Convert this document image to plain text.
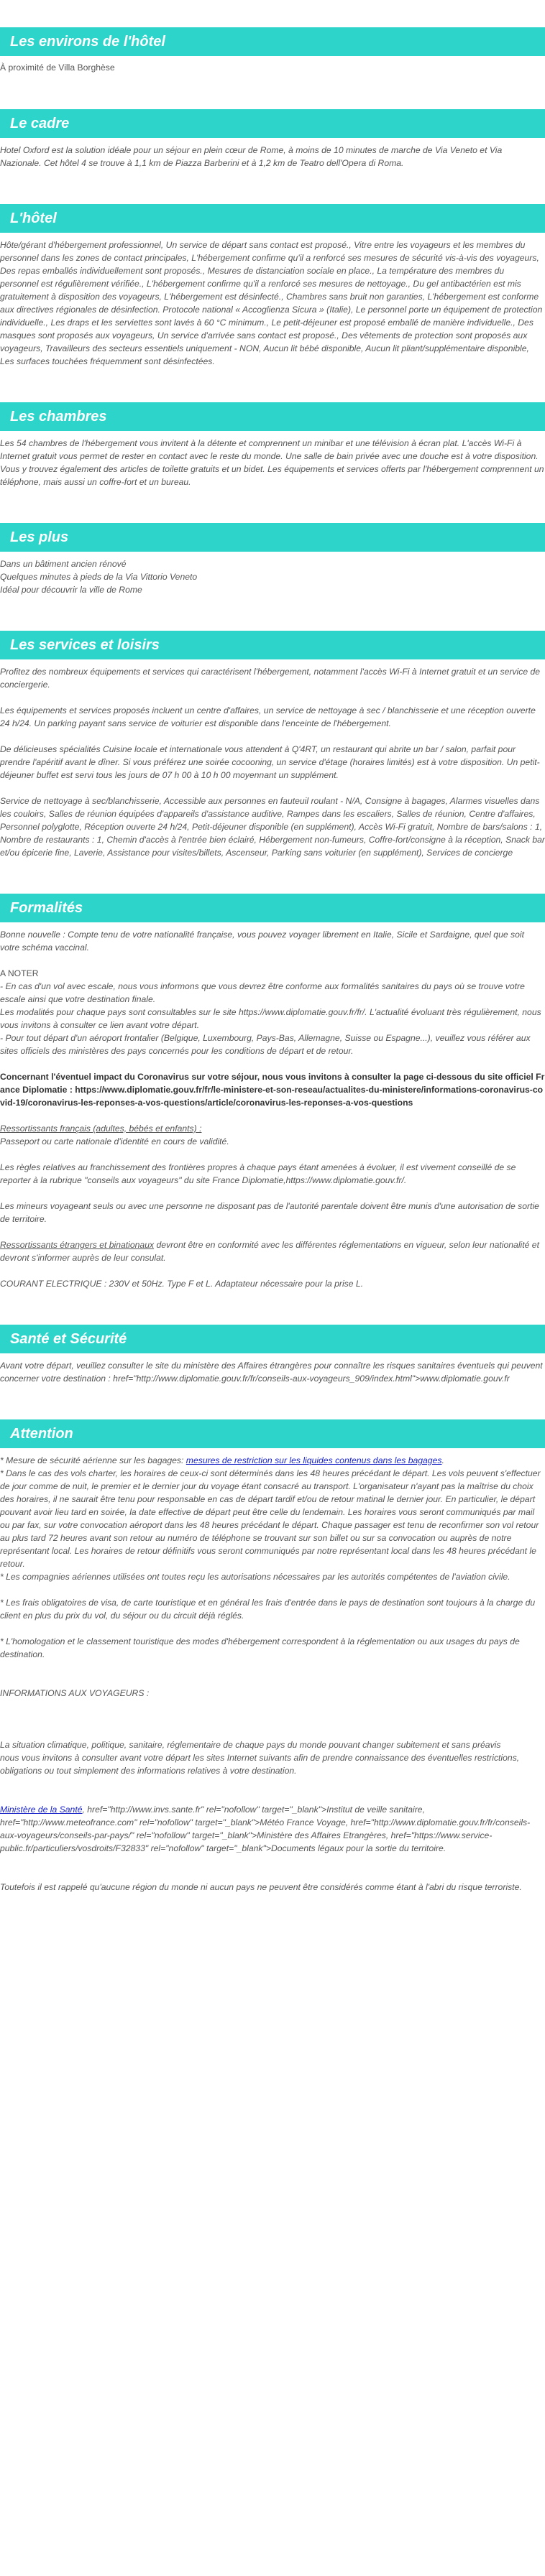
Les environs de l'hôtel

À proximité de Villa Borghèse

Le cadre

Hotel Oxford est la solution idéale pour un séjour en plein cœur de Rome, à moins de 10 minutes de marche de Via Veneto et Via Nazionale. Cet hôtel 4 se trouve à 1,1 km de Piazza Barberini et à 1,2 km de Teatro dell'Opera di Roma.

L'hôtel

Hôte/gérant d'hébergement professionnel, Un service de départ sans contact est proposé., Vitre entre les voyageurs et les membres du personnel dans les zones de contact principales, L'hébergement confirme qu'il a renforcé ses mesures de sécurité vis-à-vis des voyageurs, Des repas emballés individuellement sont proposés., Mesures de distanciation sociale en place., La température des membres du personnel est régulièrement vérifiée., L'hébergement confirme qu'il a renforcé ses mesures de nettoyage., Du gel antibactérien est mis gratuitement à disposition des voyageurs, L'hébergement est désinfecté., Chambres sans bruit non garanties, L'hébergement est conforme aux directives régionales de désinfection. Protocole national « Accoglienza Sicura » (Italie), Le personnel porte un équipement de protection individuelle., Les draps et les serviettes sont lavés à 60 °C minimum., Le petit-déjeuner est proposé emballé de manière individuelle., Des masques sont proposés aux voyageurs, Un service d'arrivée sans contact est proposé., Des vêtements de protection sont proposés aux voyageurs, Travailleurs des secteurs essentiels uniquement - NON, Aucun lit bébé disponible, Aucun lit pliant/supplémentaire disponible, Les surfaces touchées fréquemment sont désinfectées.

Les chambres

Les 54 chambres de l'hébergement vous invitent à la détente et comprennent un minibar et une télévision à écran plat. L'accès Wi-Fi à Internet gratuit vous permet de rester en contact avec le reste du monde. Une salle de bain privée avec une douche est à votre disposition. Vous y trouvez également des articles de toilette gratuits et un bidet. Les équipements et services offerts par l'hébergement comprennent un téléphone, mais aussi un coffre-fort et un bureau.

Les plus

Dans un bâtiment ancien rénové

Quelques minutes à pieds de la Via Vittorio Veneto

Idéal pour découvrir la ville de Rome

Les services et loisirs

Profitez des nombreux équipements et services qui caractérisent l'hébergement, notamment l'accès Wi-Fi à Internet gratuit et un service de conciergerie.

Les équipements et services proposés incluent un centre d'affaires, un service de nettoyage à sec / blanchisserie et une réception ouverte 24 h/24. Un parking payant sans service de voiturier est disponible dans l'enceinte de l'hébergement.

De délicieuses spécialités Cuisine locale et internationale vous attendent à Q'4RT, un restaurant qui abrite un bar / salon, parfait pour prendre l'apéritif avant le dîner. Si vous préférez une soirée cocooning, un service d'étage (horaires limités) est à votre disposition. Un petit-déjeuner buffet est servi tous les jours de 07 h 00 à 10 h 00 moyennant un supplément.

Service de nettoyage à sec/blanchisserie, Accessible aux personnes en fauteuil roulant - N/A, Consigne à bagages, Alarmes visuelles dans les couloirs, Salles de réunion équipées d'appareils d'assistance auditive, Rampes dans les escaliers, Salles de réunion, Centre d'affaires, Personnel polyglotte, Réception ouverte 24 h/24, Petit-déjeuner disponible (en supplément), Accès Wi-Fi gratuit, Nombre de bars/salons : 1, Nombre de restaurants : 1, Chemin d'accès à l'entrée bien éclairé, Hébergement non-fumeurs, Coffre-fort/consigne à la réception, Snack bar et/ou épicerie fine, Laverie, Assistance pour visites/billets, Ascenseur, Parking sans voiturier (en supplément), Services de concierge

Formalités

Bonne nouvelle : Compte tenu de votre nationalité française, vous pouvez voyager librement en Italie, Sicile et Sardaigne, quel que soit votre schéma vaccinal.

A NOTER

- En cas d'un vol avec escale, nous vous informons que vous devrez être conforme aux formalités sanitaires du pays où se trouve votre escale ainsi que votre destination finale.

Les modalités pour chaque pays sont consultables sur le site https://www.diplomatie.gouv.fr/fr/. L'actualité évoluant très régulièrement, nous vous invitons à consulter ce lien avant votre départ.

- Pour tout départ d'un aéroport frontalier (Belgique, Luxembourg, Pays-Bas, Allemagne, Suisse ou Espagne...), veuillez vous référer aux sites officiels des ministères des pays concernés pour les conditions de départ et de retour.

Concernant l'éventuel impact du Coronavirus sur votre séjour, nous vous invitons à consulter la page ci-dessous du site officiel France Diplomatie : https://www.diplomatie.gouv.fr/fr/le-ministere-et-son-reseau/actualites-du-ministere/informations-coronavirus-covid-19/coronavirus-les-reponses-a-vos-questions/article/coronavirus-les-reponses-a-vos-questions

Ressortissants français (adultes, bébés et enfants) :

Passeport ou carte nationale d'identité en cours de validité.

Les règles relatives au franchissement des frontières propres à chaque pays étant amenées à évoluer, il est vivement conseillé de se reporter à la rubrique "conseils aux voyageurs" du site France Diplomatie,https://www.diplomatie.gouv.fr/.

Les mineurs voyageant seuls ou avec une personne ne disposant pas de l'autorité parentale doivent être munis d'une autorisation de sortie de territoire.

Ressortissants étrangers et binationaux devront être en conformité avec les différentes réglementations en vigueur, selon leur nationalité et devront s'informer auprès de leur consulat.

COURANT ELECTRIQUE : 230V et 50Hz. Type F et L. Adaptateur nécessaire pour la prise L.

Santé et Sécurité

Avant votre départ, veuillez consulter le site du ministère des Affaires étrangères pour connaître les risques sanitaires éventuels qui peuvent concerner votre destination : href="http://www.diplomatie.gouv.fr/fr/conseils-aux-voyageurs_909/index.html">www.diplomatie.gouv.fr

Attention

* Mesure de sécurité aérienne sur les bagages: mesures de restriction sur les liquides contenus dans les bagages.

* Dans le cas des vols charter, les horaires de ceux-ci sont déterminés dans les 48 heures précédant le départ. Les vols peuvent s'effectuer de jour comme de nuit, le premier et le dernier jour du voyage étant consacré au transport. L'organisateur n'ayant pas la maîtrise du choix des horaires, il ne saurait être tenu pour responsable en cas de départ tardif et/ou de retour matinal le dernier jour. En particulier, le départ pouvant avoir lieu tard en soirée, la date effective de départ peut être celle du lendemain. Les horaires vous seront communiqués par mail ou par fax, sur votre convocation aéroport dans les 48 heures précédant le départ. Chaque passager est tenu de reconfirmer son vol retour au plus tard 72 heures avant son retour au numéro de téléphone se trouvant sur son billet ou sur sa convocation ou auprès de notre représentant local. Les horaires de retour définitifs vous seront communiqués par notre représentant local dans les 48 heures précédant le retour.

* Les compagnies aériennes utilisées ont toutes reçu les autorisations nécessaires par les autorités compétentes de l'aviation civile.

* Les frais obligatoires de visa, de carte touristique et en général les frais d'entrée dans le pays de destination sont toujours à la charge du client en plus du prix du vol, du séjour ou du circuit déjà réglés.

* L'homologation et le classement touristique des modes d'hébergement correspondent à la réglementation ou aux usages du pays de destination.

INFORMATIONS AUX VOYAGEURS :

La situation climatique, politique, sanitaire, réglementaire de chaque pays du monde pouvant changer subitement et sans préavis

nous vous invitons à consulter avant votre départ les sites Internet suivants afin de prendre connaissance des éventuelles restrictions, obligations ou tout simplement des informations relatives à votre destination.

Ministère de la Santé, href="http://www.invs.sante.fr" rel="nofollow" target="_blank">Institut de veille sanitaire, href="http://www.meteofrance.com" rel="nofollow" target="_blank">Météo France Voyage, href="http://www.diplomatie.gouv.fr/fr/conseils-aux-voyageurs/conseils-par-pays/" rel="nofollow" target="_blank">Ministère des Affaires Etrangères, href="https://www.service-public.fr/particuliers/vosdroits/F32833" rel="nofollow" target="_blank">Documents légaux pour la sortie du territoire.

Toutefois il est rappelé qu'aucune région du monde ni aucun pays ne peuvent être considérés comme étant à l'abri du risque terroriste.
